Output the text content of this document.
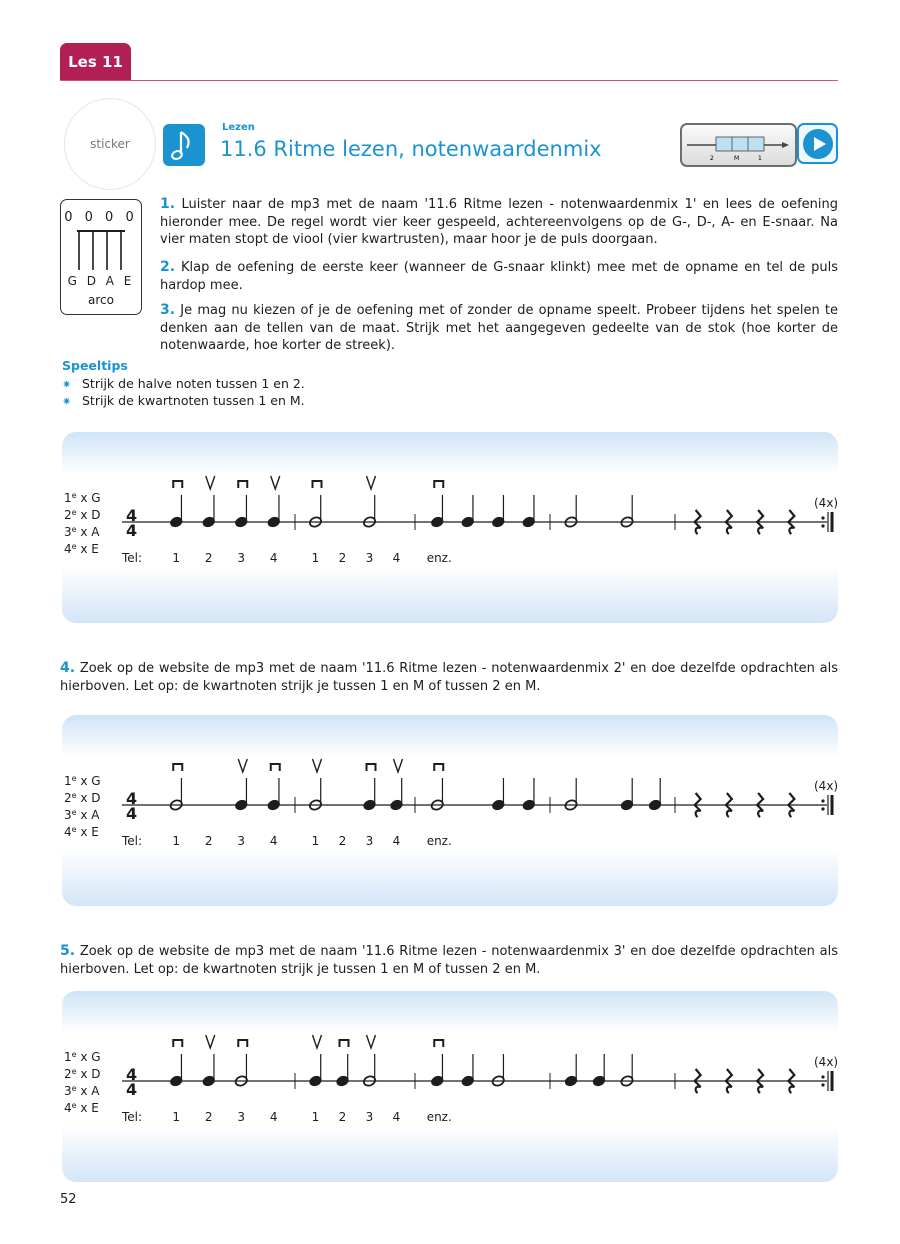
Les 11
sticker
Lezen
11.6 Ritme lezen, notenwaardenmix	2	M	1
0 0 0 0
G D A E
arco
1. Luister naar de mp3 met de naam '11.6 Ritme lezen - notenwaardenmix 1' en lees de oefening hieronder mee. De regel wordt vier keer gespeeld, achtereenvolgens op de G-, D-, A- en E-snaar. Na vier maten stopt de viool (vier kwartrusten), maar hoor je de puls doorgaan.
2. Klap de oefening de eerste keer (wanneer de G-snaar klinkt) mee met de opname en tel de puls hardop mee.
3. Je mag nu kiezen of je de oefening met of zonder de opname speelt. Probeer tijdens het spelen te denken aan de tellen van de maat. Strijk met het aangegeven gedeelte van de stok (hoe korter de notenwaarde, hoe korter de streek).
Speeltips
✷ Strijk de halve noten tussen 1 en 2.
✷ Strijk de kwartnoten tussen 1 en M.
1e x G
2e x D
3e x A
4e x E
4
4
(4x)
Tel:	1 2 3 4	1 2 3 4 enz.
4. Zoek op de website de mp3 met de naam '11.6 Ritme lezen - notenwaardenmix 2' en doe dezelfde opdrachten als hierboven. Let op: de kwartnoten strijk je tussen 1 en M of tussen 2 en M.
1e x G
2e x D
3e x A
4e x E
4
4
(4x)
Tel:	1 2 3 4	1 2 3 4 enz.
5. Zoek op de website de mp3 met de naam '11.6 Ritme lezen - notenwaardenmix 3' en doe dezelfde opdrachten als hierboven. Let op: de kwartnoten strijk je tussen 1 en M of tussen 2 en M.
1e x G
2e x D
3e x A
4e x E
4
4
(4x)
Tel:	1 2 3 4	1 2 3 4 enz.
52
